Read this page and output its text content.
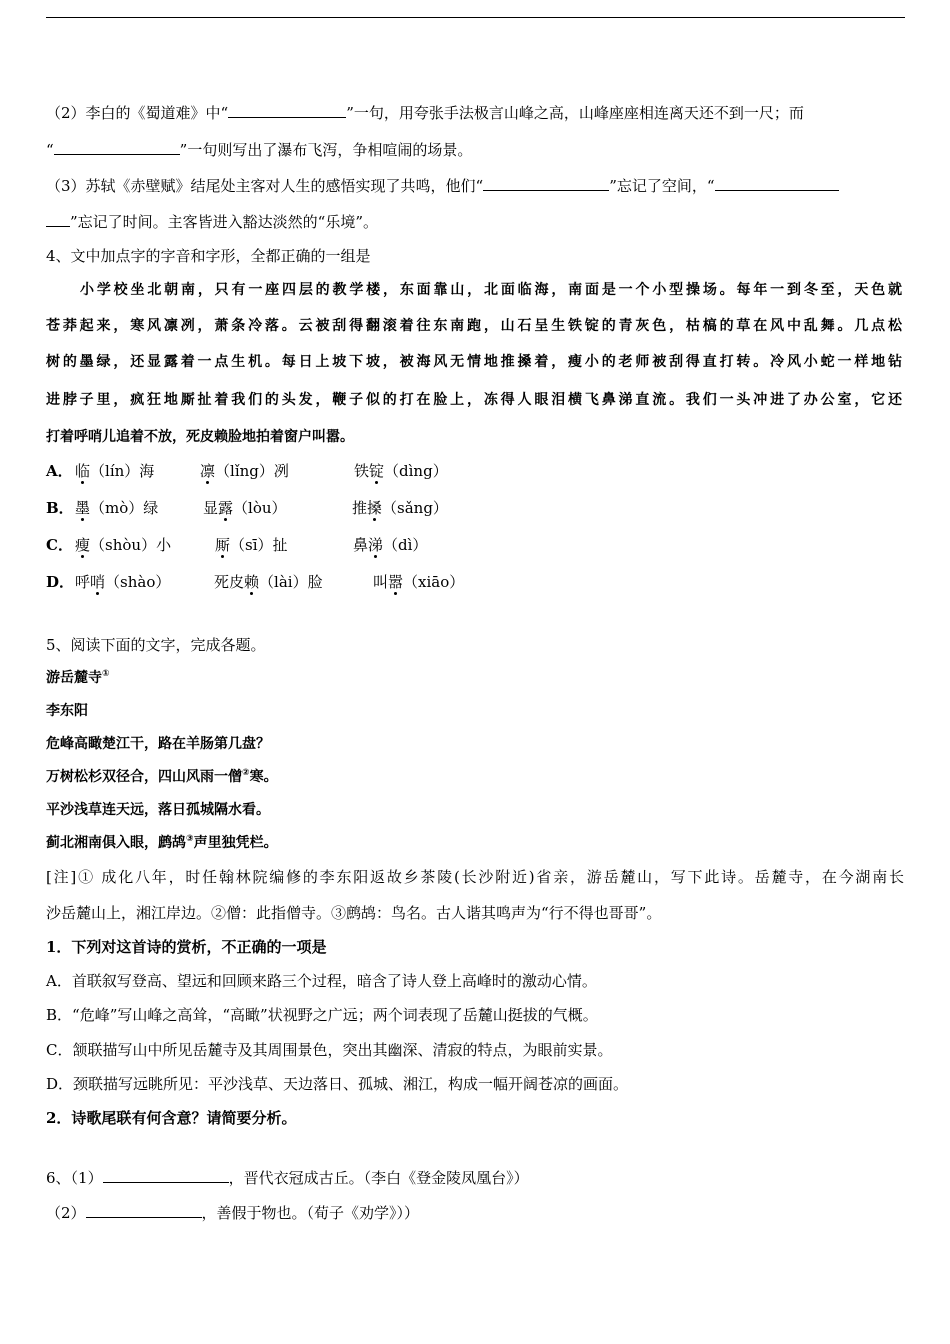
（2）李白的《蜀道难》中“	”一句，用夸张手法极言山峰之高，山峰座座相连离天还不到一尺；而
“	”一句则写出了瀑布飞泻，争相喧闹的场景。
（3）苏轼《赤壁赋》结尾处主客对人生的感悟实现了共鸣，他们“	”忘记了空间，“
”忘记了时间。主客皆进入豁达淡然的“乐境”。
4、文中加点字的字音和字形，全都正确的一组是
小学校坐北朝南，只有一座四层的教学楼，东面靠山，北面临海，南面是一个小型操场。每年一到冬至，天色就
苍莽起来，寒风凛冽，萧条冷落。云被刮得翻滚着往东南跑，山石呈生铁锭的青灰色，枯槁的草在风中乱舞。几点松
树的墨绿，还显露着一点生机。每日上坡下坡，被海风无情地推搡着，瘦小的老师被刮得直打转。冷风小蛇一样地钻
进脖子里，疯狂地厮扯着我们的头发，鞭子似的打在脸上，冻得人眼泪横飞鼻涕直流。我们一头冲进了办公室，它还
打着呼哨儿追着不放，死皮赖脸地拍着窗户叫嚣。
A． 临（lín）海	凛（lǐng）冽	铁锭（dìng）
B． 墨（mò）绿	显露（lòu）	推搡（sǎng）
C． 瘦（shòu）小	厮（sī）扯	鼻涕（dì）
D． 呼哨（shào）	死皮赖（lài）脸	叫嚣（xiāo）
5、阅读下面的文字，完成各题。
游岳麓寺①
李东阳
危峰高瞰楚江干，路在羊肠第几盘？
万树松杉双径合，四山风雨一僧②寒。
平沙浅草连天远，落日孤城隔水看。
蓟北湘南俱入眼，鹧鸪③声里独凭栏。
[注]① 成化八年，时任翰林院编修的李东阳返故乡茶陵(长沙附近)省亲，游岳麓山，写下此诗。岳麓寺，在今湖南长
沙岳麓山上，湘江岸边。②僧：此指僧寺。③鹧鸪：鸟名。古人谐其鸣声为“行不得也哥哥”。
1．下列对这首诗的赏析，不正确的一项是
A．首联叙写登高、望远和回顾来路三个过程，暗含了诗人登上高峰时的激动心情。
B．“危峰”写山峰之高耸，“高瞰”状视野之广远；两个词表现了岳麓山挺拔的气概。
C．颔联描写山中所见岳麓寺及其周围景色，突出其幽深、清寂的特点，为眼前实景。
D．颈联描写远眺所见：平沙浅草、天边落日、孤城、湘江，构成一幅开阔苍凉的画面。
2．诗歌尾联有何含意？请简要分析。
6、（1）	，晋代衣冠成古丘。（李白《登金陵凤凰台》）
（2）	，善假于物也。（荀子《劝学》））
